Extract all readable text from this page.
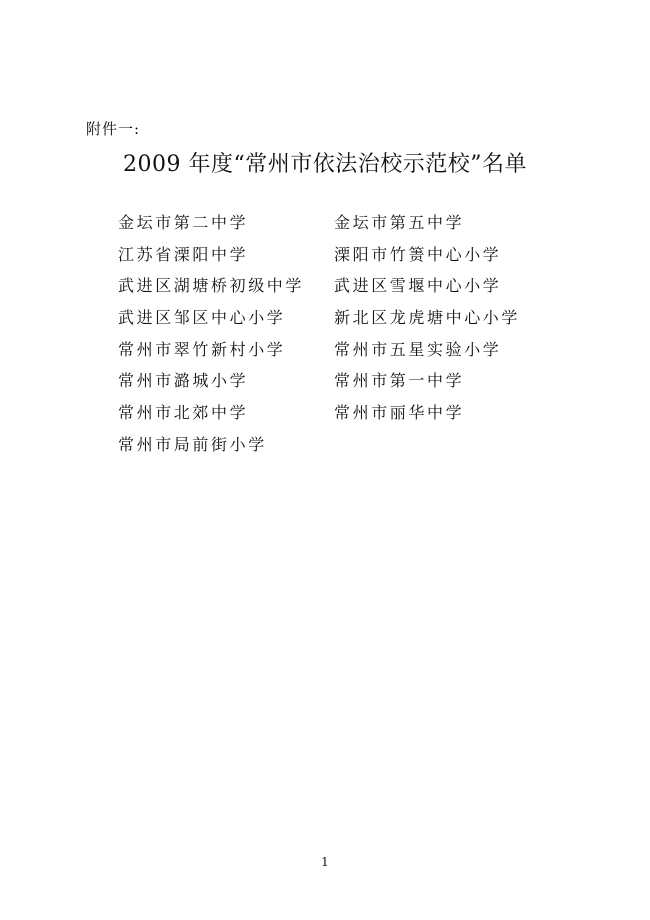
附件一:
2009 年度“常州市依法治校示范校”名单
金坛市第二中学	金坛市第五中学
江苏省溧阳中学	溧阳市竹箦中心小学
武进区湖塘桥初级中学	武进区雪堰中心小学
武进区邹区中心小学	新北区龙虎塘中心小学
常州市翠竹新村小学	常州市五星实验小学
常州市潞城小学	常州市第一中学
常州市北郊中学	常州市丽华中学
常州市局前街小学
1
